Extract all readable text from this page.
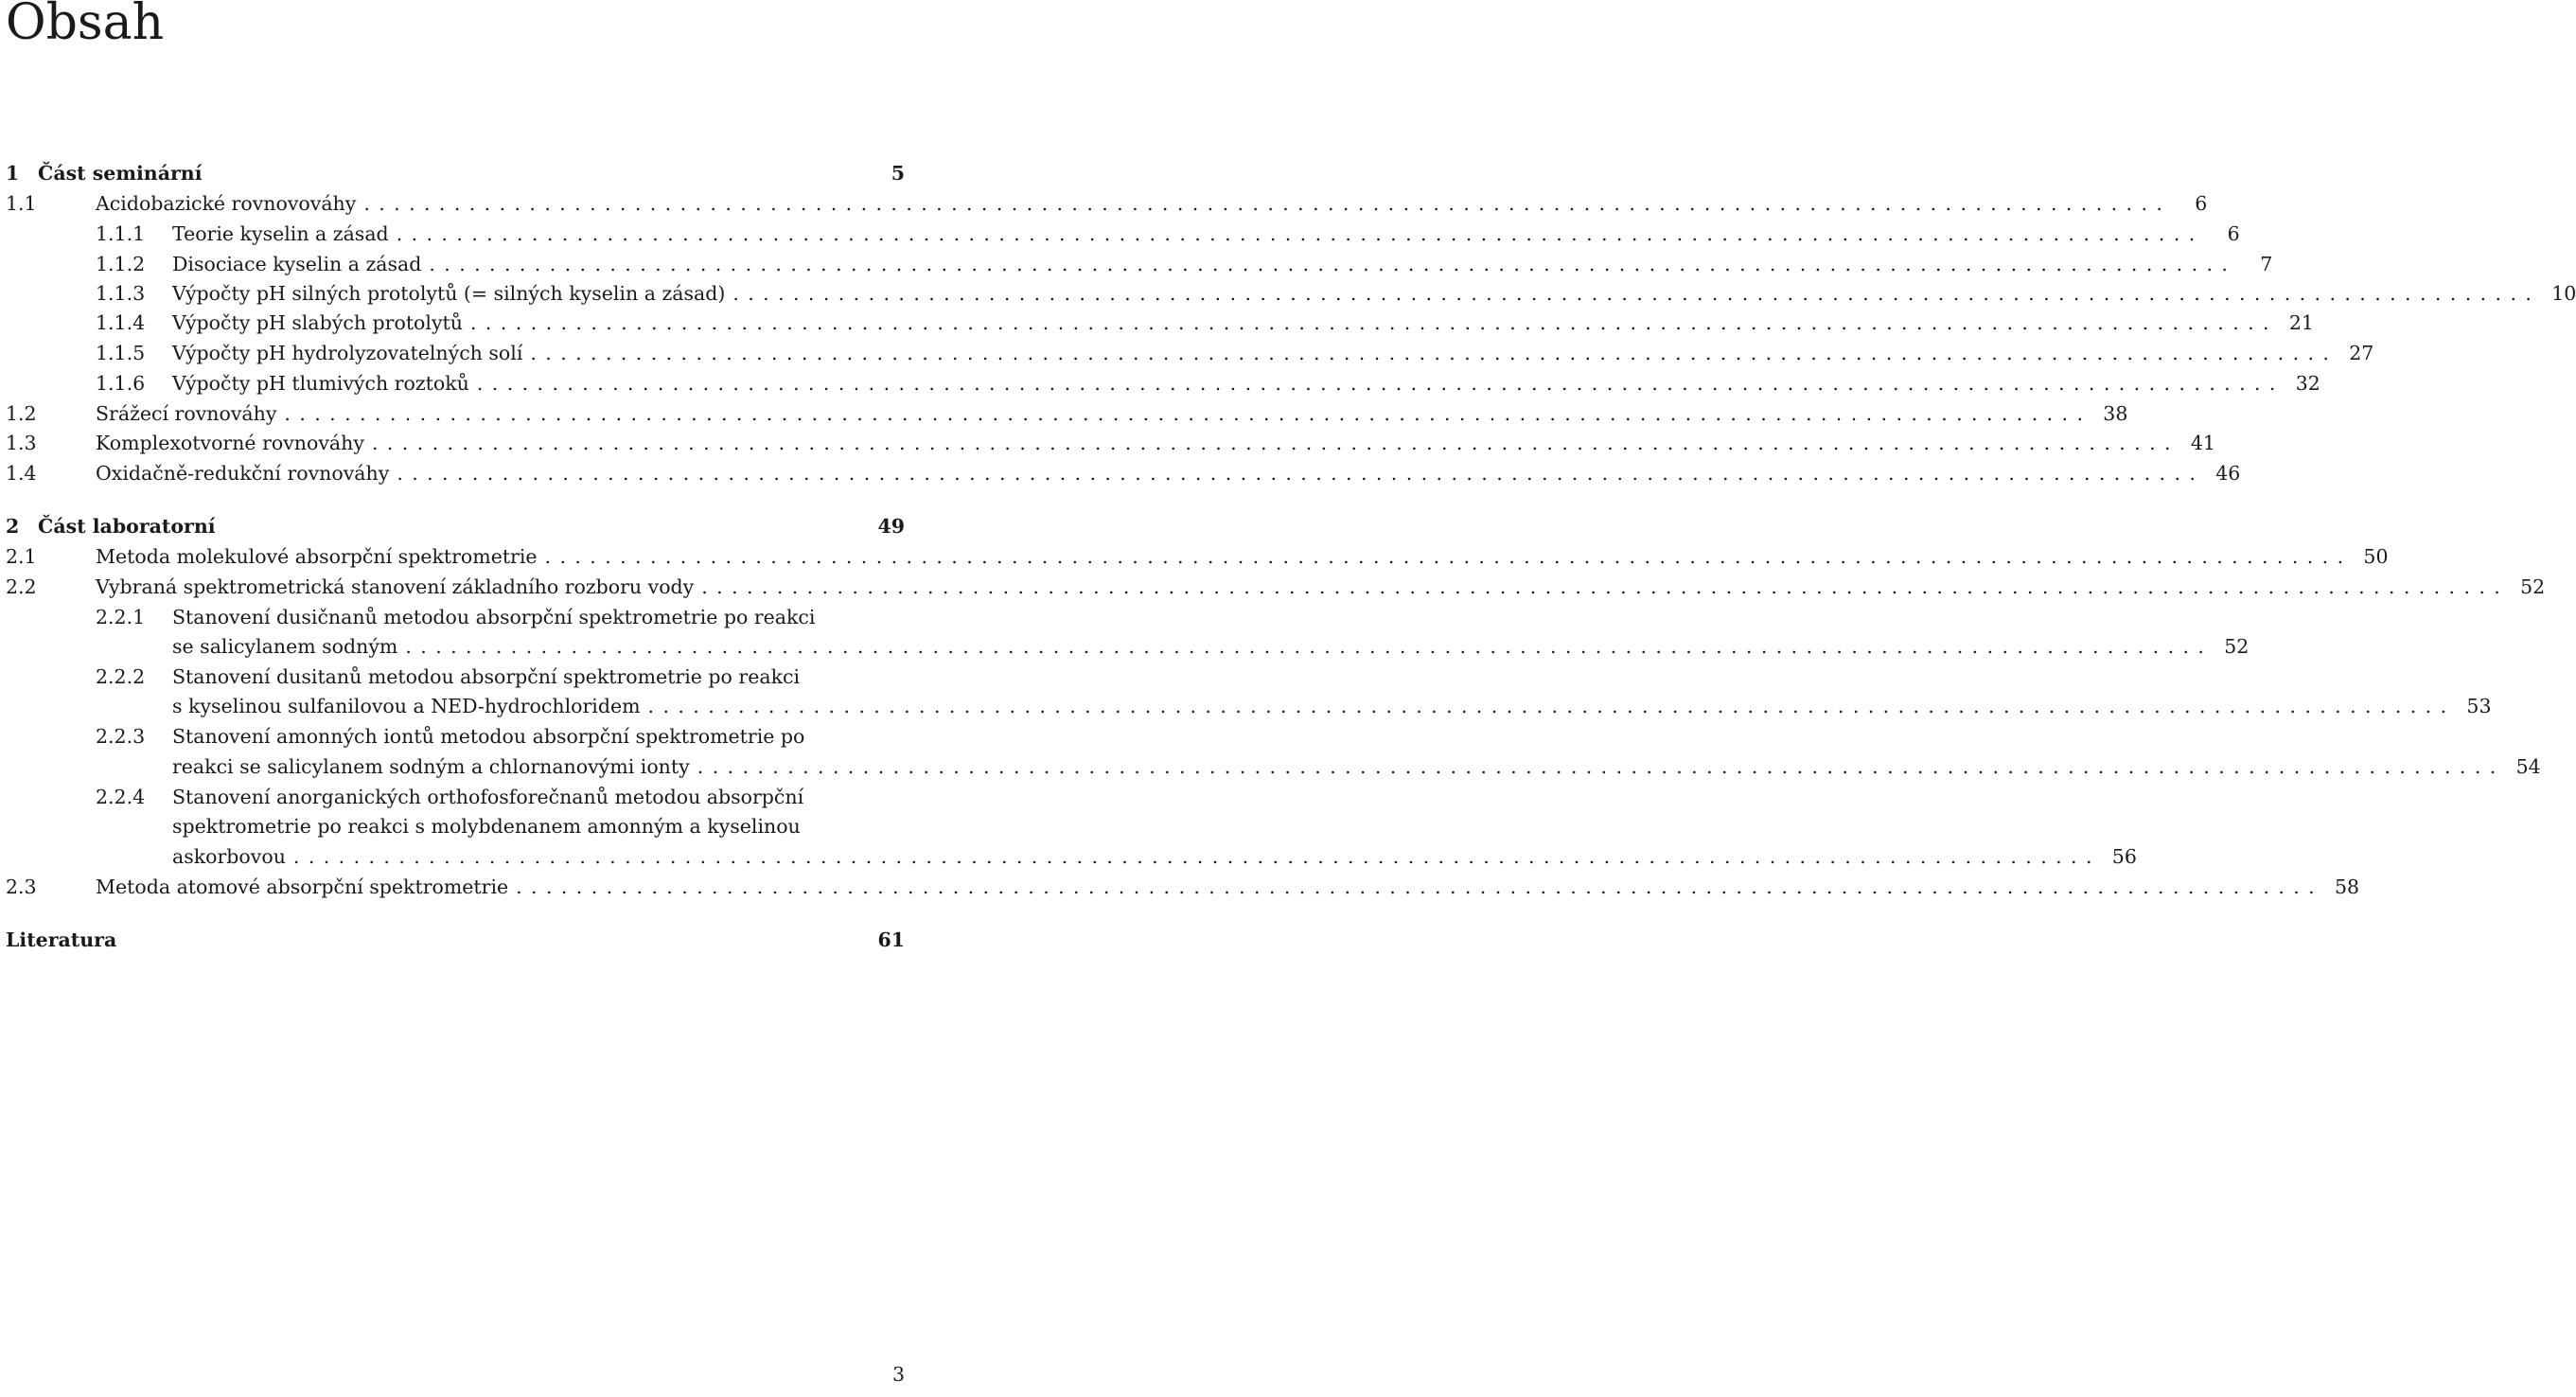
Obsah
1 Část seminární	5
1.1	Acidobazické rovnovováhy ........................................................................................................................	6
1.1.1 Teorie kyselin a zásad ........................................................................................................................	6
1.1.2 Disociace kyselin a zásad ........................................................................................................................	7
1.1.3 Výpočty pH silných protolytů (= silných kyselin a zásad) ........................................................................................................................ 10
1.1.4 Výpočty pH slabých protolytů ........................................................................................................................ 21
1.1.5 Výpočty pH hydrolyzovatelných solí ........................................................................................................................ 27
1.1.6 Výpočty pH tlumivých roztoků ........................................................................................................................ 32
1.2	Srážecí rovnováhy ........................................................................................................................ 38
1.3	Komplexotvorné rovnováhy ........................................................................................................................ 41
1.4	Oxidačně-redukční rovnováhy ........................................................................................................................ 46
2 Část laboratorní	49
2.1	Metoda molekulové absorpční spektrometrie ........................................................................................................................ 50
2.2	Vybraná spektrometrická stanovení základního rozboru vody ........................................................................................................................ 52
2.2.1 Stanovení dusičnanů metodou absorpční spektrometrie po reakci
se salicylanem sodným ........................................................................................................................ 52
2.2.2 Stanovení dusitanů metodou absorpční spektrometrie po reakci
s kyselinou sulfanilovou a NED-hydrochloridem ........................................................................................................................ 53
2.2.3 Stanovení amonných iontů metodou absorpční spektrometrie po
reakci se salicylanem sodným a chlornanovými ionty ........................................................................................................................ 54
2.2.4 Stanovení anorganických orthofosforečnanů metodou absorpční
spektrometrie po reakci s molybdenanem amonným a kyselinou
askorbovou ........................................................................................................................ 56
2.3	Metoda atomové absorpční spektrometrie ........................................................................................................................ 58
Literatura	61
3
